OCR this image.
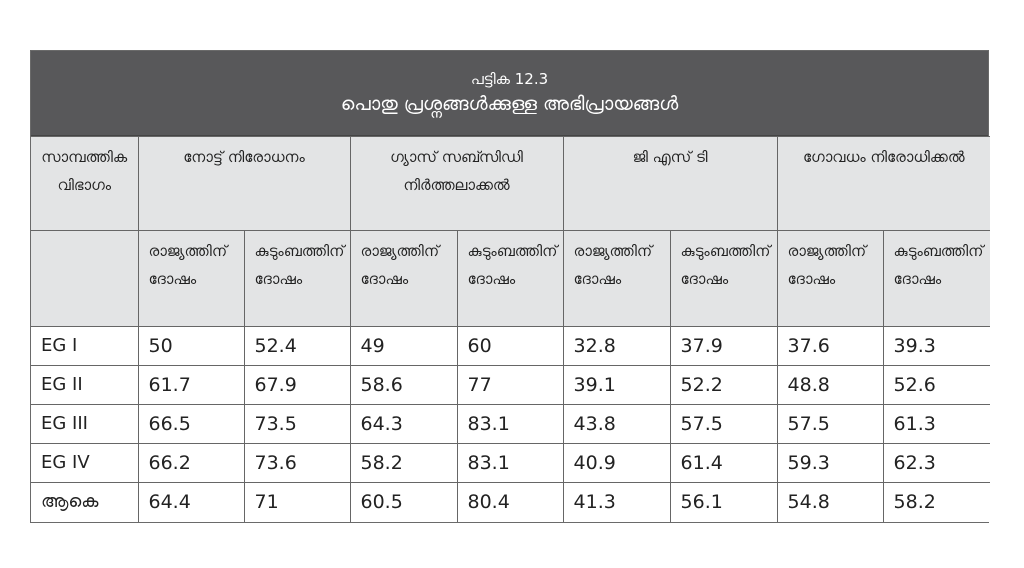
പട്ടിക 12.3
പൊതു പ്രശ്നങ്ങൾക്കുള്ള അഭിപ്രായങ്ങൾ
സാമ്പത്തിക വിഭാഗം	നോട്ട് നിരോധനം		ഗ്യാസ് സബ്സിഡി നിർത്തലാക്കൽ		ജി എസ് ടി		ഗോവധം നിരോധിക്കൽ	
	രാജ്യത്തിന് ദോഷം	കുടുംബത്തിന് ദോഷം	രാജ്യത്തിന് ദോഷം	കുടുംബത്തിന് ദോഷം	രാജ്യത്തിന് ദോഷം	കുടുംബത്തിന് ദോഷം	രാജ്യത്തിന് ദോഷം	കുടുംബത്തിന് ദോഷം
EG I	50	52.4	49	60	32.8	37.9	37.6	39.3
EG II	61.7	67.9	58.6	77	39.1	52.2	48.8	52.6
EG III	66.5	73.5	64.3	83.1	43.8	57.5	57.5	61.3
EG IV	66.2	73.6	58.2	83.1	40.9	61.4	59.3	62.3
ആകെ	64.4	71	60.5	80.4	41.3	56.1	54.8	58.2
